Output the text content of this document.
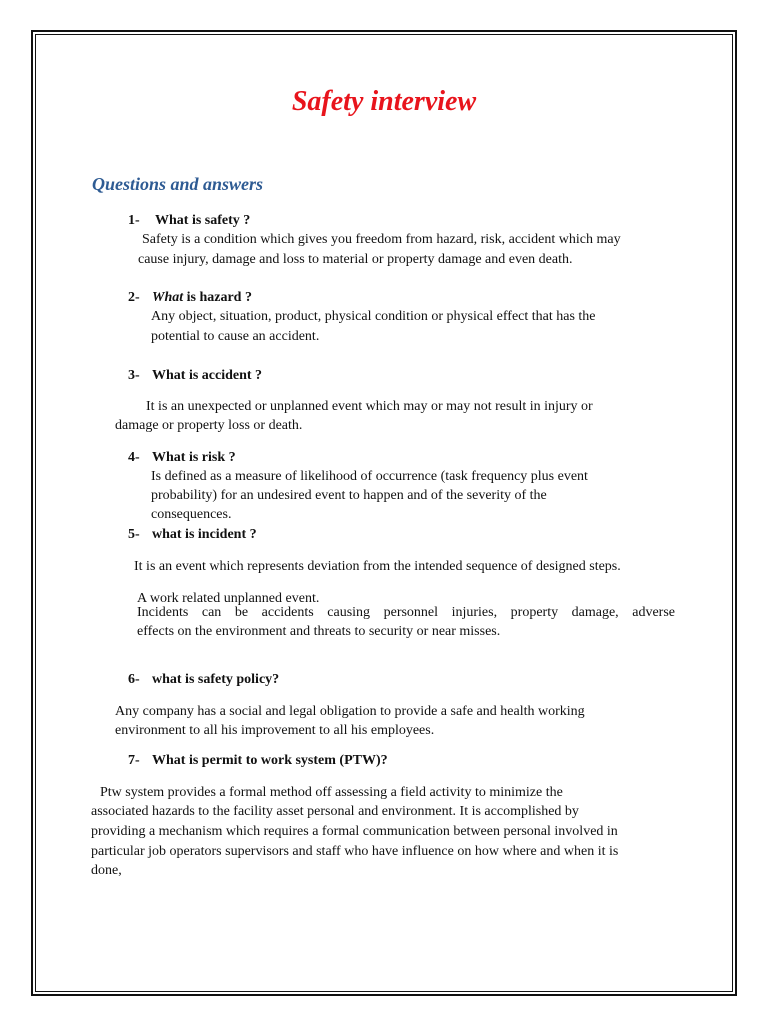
Safety interview
Questions and answers

1- What is safety ?

Safety is a condition which gives you freedom from hazard, risk, accident which may

cause injury, damage and loss to material or property damage and even death.

2- What is hazard ?

Any object, situation, product, physical condition or physical effect that has the

potential to cause an accident.

3- What is accident ?

It is an unexpected or unplanned event which may or may not result in injury or

damage or property loss or death.

4- What is risk ?

Is defined as a measure of likelihood of occurrence (task frequency plus event

probability) for an undesired event to happen and of the severity of the

consequences.

5- what is incident ?

It is an event which represents deviation from the intended sequence of designed steps.

A work related unplanned event.

Incidents can be accidents causing personnel injuries, property damage, adverse

effects on the environment and threats to security or near misses.

6- what is safety policy?

Any company has a social and legal obligation to provide a safe and health working

environment to all his improvement to all his employees.

7- What is permit to work system (PTW)?

Ptw system provides a formal method off assessing a field activity to minimize the

associated hazards to the facility asset personal and environment. It is accomplished by

providing a mechanism which requires a formal communication between personal involved in

particular job operators supervisors and staff who have influence on how where and when it is

done,
